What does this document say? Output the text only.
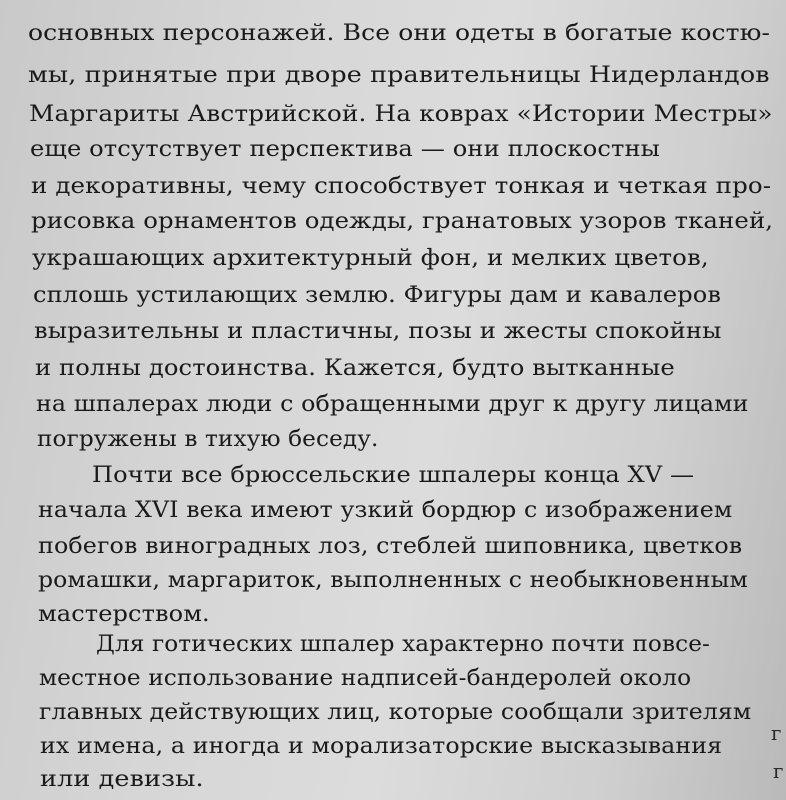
основных персонажей. Все они одеты в богатые костю-
мы, принятые при дворе правительницы Нидерландов
Маргариты Австрийской. На коврах «Истории Местры»
еще отсутствует перспектива — они плоскостны
и декоративны, чему способствует тонкая и четкая про-
рисовка орнаментов одежды, гранатовых узоров тканей,
украшающих архитектурный фон, и мелких цветов,
сплошь устилающих землю. Фигуры дам и кавалеров
выразительны и пластичны, позы и жесты спокойны
и полны достоинства. Кажется, будто вытканные
на шпалерах люди с обращенными друг к другу лицами
погружены в тихую беседу.
Почти все брюссельские шпалеры конца XV —
начала XVI века имеют узкий бордюр с изображением
побегов виноградных лоз, стеблей шиповника, цветков
ромашки, маргариток, выполненных с необыкновенным
мастерством.
Для готических шпалер характерно почти повсе-
местное использование надписей-бандеролей около
главных действующих лиц, которые сообщали зрителям
их имена, а иногда и морализаторские высказывания
или девизы.
г
г
